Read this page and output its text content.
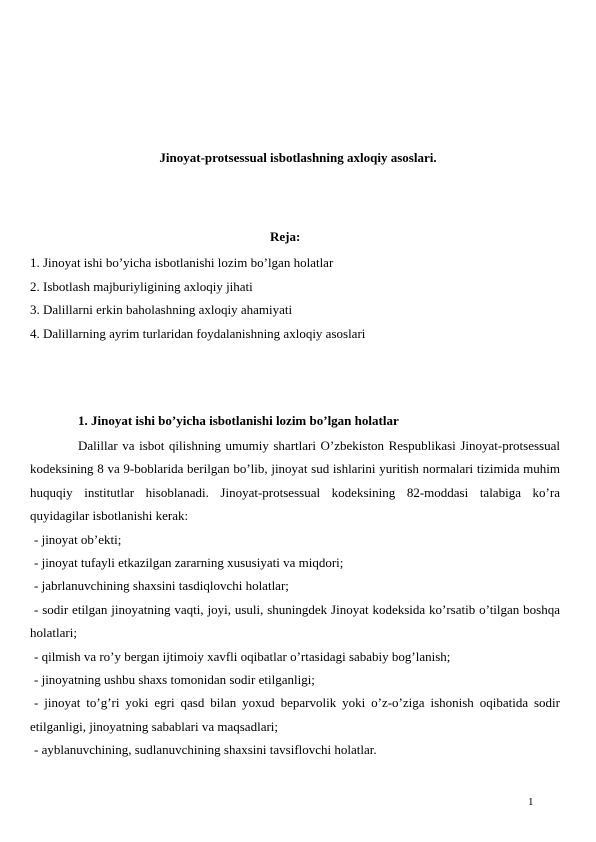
Jinoyat-protsessual isbotlashning axloqiy asoslari.
Reja:
1. Jinoyat ishi bo’yicha isbotlanishi lozim bo’lgan holatlar
2. Isbotlash majburiyligining axloqiy jihati
3. Dalillarni erkin baholashning axloqiy ahamiyati
4. Dalillarning ayrim turlaridan foydalanishning axloqiy asoslari
1. Jinoyat ishi bo’yicha isbotlanishi lozim bo’lgan holatlar

Dalillar va isbot qilishning umumiy shartlari O’zbekiston Respublikasi Jinoyat-protsessual kodeksining 8 va 9-boblarida berilgan bo’lib, jinoyat sud ishlarini yuritish normalari tizimida muhim huquqiy institutlar hisoblanadi. Jinoyat-protsessual kodeksining 82-moddasi talabiga ko’ra quyidagilar isbotlanishi kerak:

- jinoyat ob’ekti;

- jinoyat tufayli etkazilgan zararning xususiyati va miqdori;

- jabrlanuvchining shaxsini tasdiqlovchi holatlar;

- sodir etilgan jinoyatning vaqti, joyi, usuli, shuningdek Jinoyat kodeksida ko’rsatib o’tilgan boshqa holatlari;

- qilmish va ro’y bergan ijtimoiy xavfli oqibatlar o’rtasidagi sababiy bog’lanish;

- jinoyatning ushbu shaxs tomonidan sodir etilganligi;

- jinoyat to’g’ri yoki egri qasd bilan yoxud beparvolik yoki o’z-o’ziga ishonish oqibatida sodir etilganligi, jinoyatning sabablari va maqsadlari;

- ayblanuvchining, sudlanuvchining shaxsini tavsiflovchi holatlar.

1
